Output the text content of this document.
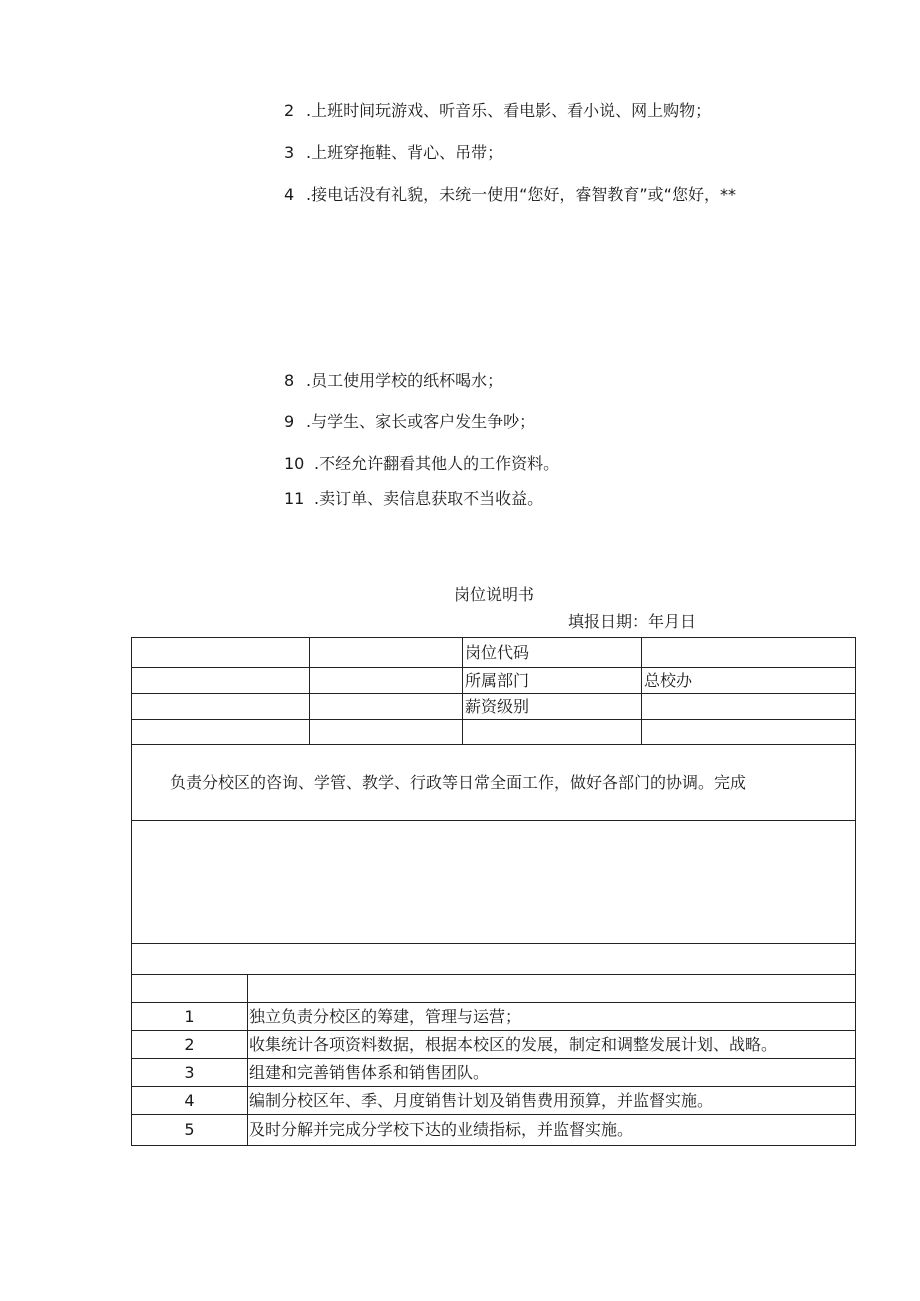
2 .上班时间玩游戏、听音乐、看电影、看小说、网上购物；
3 .上班穿拖鞋、背心、吊带；
4 .接电话没有礼貌，未统一使用“您好，睿智教育”或“您好，**
8 .员工使用学校的纸杯喝水；
9 .与学生、家长或客户发生争吵；
10 .不经允许翻看其他人的工作资料。
11 .卖订单、卖信息获取不当收益。
岗位说明书
填报日期：年月日
			岗位代码	
			所属部门	总校办
			薪资级别	

负责分校区的咨询、学管、教学、行政等日常全面工作，做好各部门的协调。完成				

1	独立负责分校区的筹建，管理与运营；			
2	收集统计各项资料数据，根据本校区的发展，制定和调整发展计划、战略。			
3	组建和完善销售体系和销售团队。			
4	编制分校区年、季、月度销售计划及销售费用预算，并监督实施。			
5	及时分解并完成分学校下达的业绩指标，并监督实施。			
